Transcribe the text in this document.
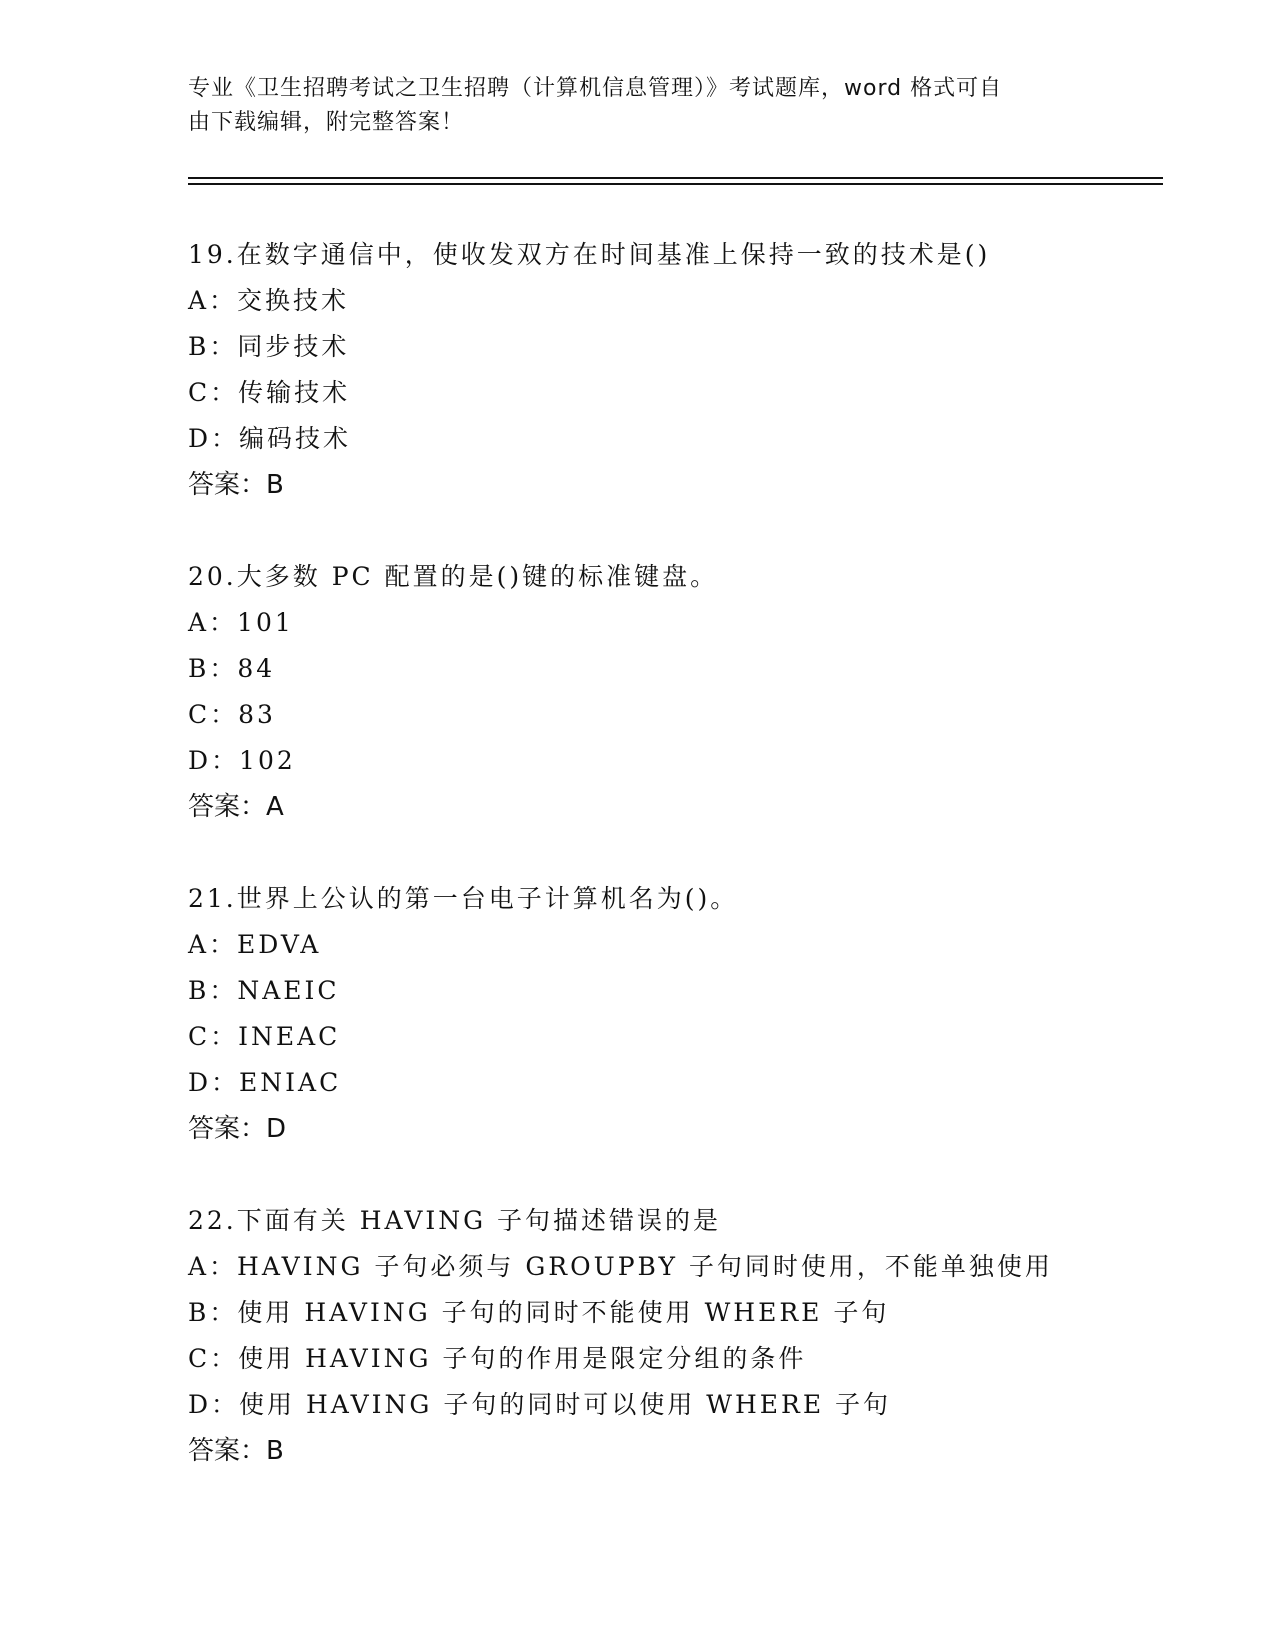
专业《卫生招聘考试之卫生招聘（计算机信息管理）》考试题库，word 格式可自
由下载编辑，附完整答案！
19.在数字通信中，使收发双方在时间基准上保持一致的技术是()
A：交换技术
B：同步技术
C：传输技术
D：编码技术
答案：B
20.大多数 PC 配置的是()键的标准键盘。
A：101
B：84
C：83
D：102
答案：A
21.世界上公认的第一台电子计算机名为()。
A：EDVA
B：NAEIC
C：INEAC
D：ENIAC
答案：D
22.下面有关 HAVING 子句描述错误的是
A：HAVING 子句必须与 GROUPBY 子句同时使用，不能单独使用
B：使用 HAVING 子句的同时不能使用 WHERE 子句
C：使用 HAVING 子句的作用是限定分组的条件
D：使用 HAVING 子句的同时可以使用 WHERE 子句
答案：B
